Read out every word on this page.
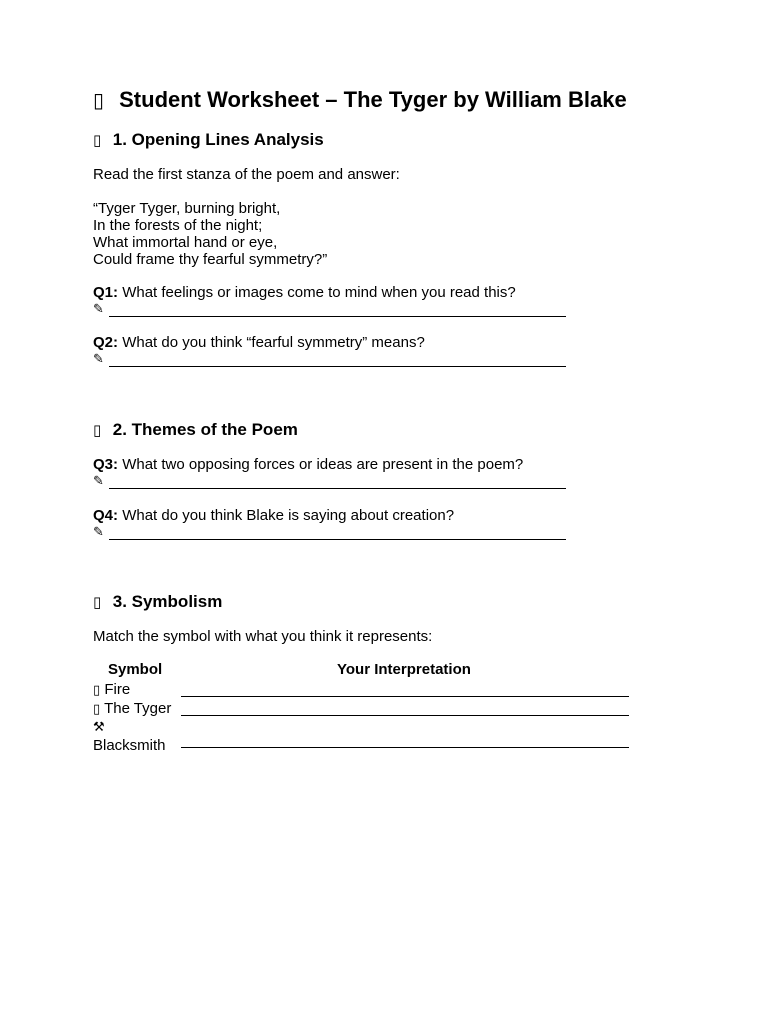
▯ Student Worksheet – The Tyger by William Blake
▯ 1. Opening Lines Analysis

Read the first stanza of the poem and answer:

“Tyger Tyger, burning bright,

In the forests of the night;

What immortal hand or eye,

Could frame thy fearful symmetry?”

Q1: What feelings or images come to mind when you read this?

✎

Q2: What do you think “fearful symmetry” means?

✎
▯ 2. Themes of the Poem

Q3: What two opposing forces or ideas are present in the poem?

✎

Q4: What do you think Blake is saying about creation?

✎
▯ 3. Symbolism

Match the symbol with what you think it represents:

Symbol	Your Interpretation
▯ Fire
▯ The Tyger
⚒
Blacksmith
